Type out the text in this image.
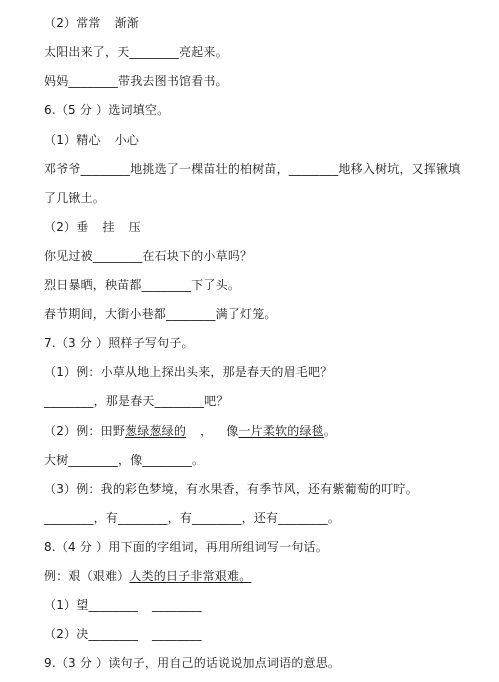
（2）常常 渐渐
太阳出来了，天________亮起来。
妈妈________带我去图书馆看书。
6.（5 分 ）选词填空。
（1）精心 小心
邓爷爷________地挑选了一棵苗壮的柏树苗，________地移入树坑，又挥锹填
了几锹土。
（2）垂 挂 压
你见过被________在石块下的小草吗？
烈日暴晒，秧苗都________下了头。
春节期间，大街小巷都________满了灯笼。
7.（3 分 ）照样子写句子。
（1）例：小草从地上探出头来，那是春天的眉毛吧？
________，那是春天________吧？
（2）例：田野葱绿葱绿的 ， 像一片柔软的绿毯。
大树________，像________。
（3）例：我的彩色梦境，有水果香，有季节风，还有紫葡萄的叮咛。
________，有________，有________，还有________。
8.（4 分 ）用下面的字组词，再用所组词写一句话。
例：艰（艰难）人类的日子非常艰难。
（1）望________ ________
（2）决________ ________
9.（3 分 ）读句子，用自己的话说说加点词语的意思。
